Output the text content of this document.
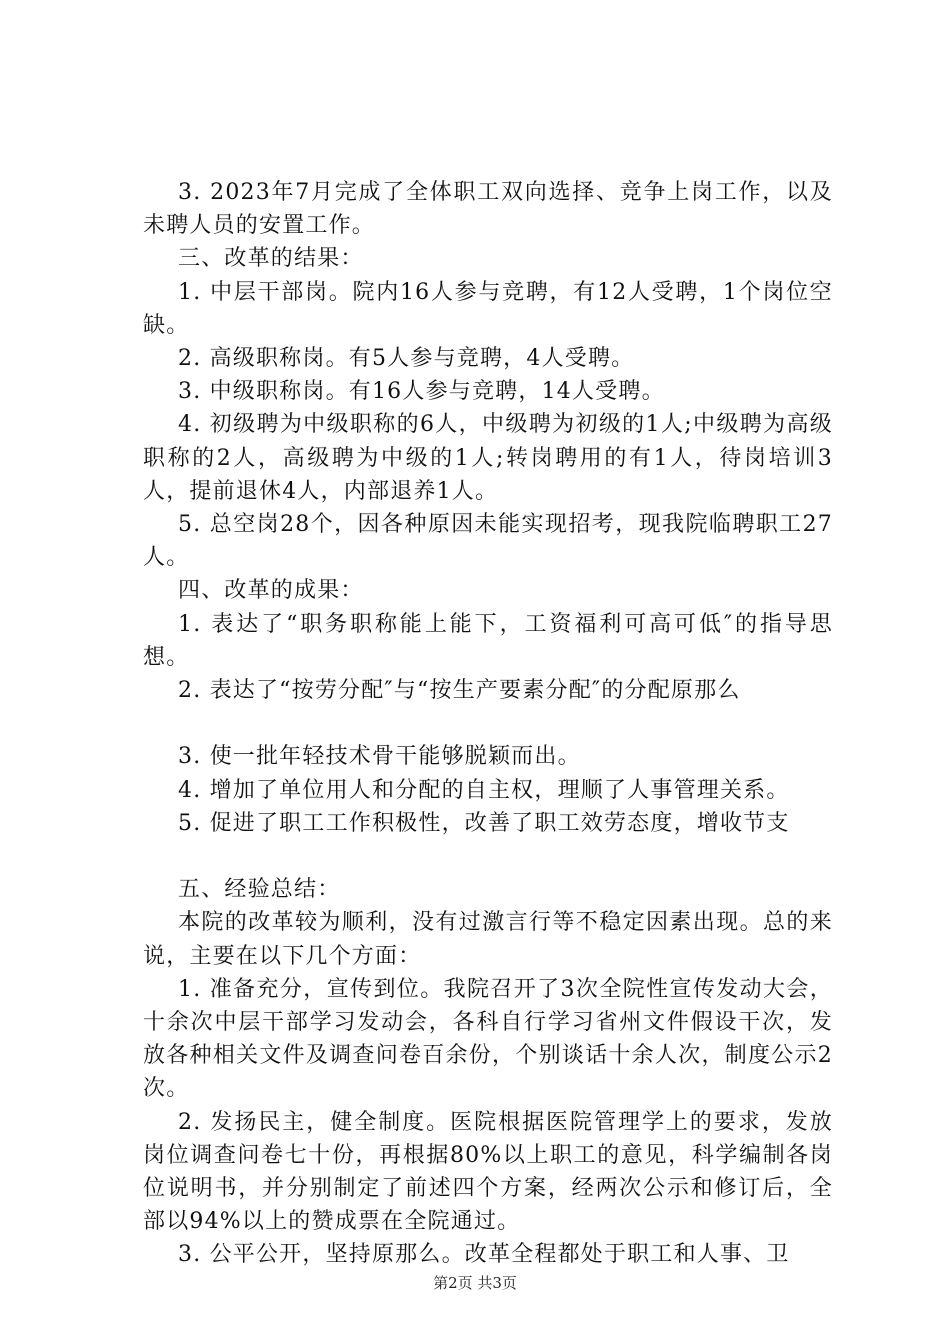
3. 2023年7月完成了全体职工双向选择、竞争上岗工作，以及未聘人员的安置工作。

三、改革的结果：

1. 中层干部岗。院内16人参与竞聘，有12人受聘，1个岗位空缺。

2. 高级职称岗。有5人参与竞聘，4人受聘。

3. 中级职称岗。有16人参与竞聘，14人受聘。

4. 初级聘为中级职称的6人，中级聘为初级的1人;中级聘为高级职称的2人，高级聘为中级的1人;转岗聘用的有1人，待岗培训3人，提前退休4人，内部退养1人。

5. 总空岗28个，因各种原因未能实现招考，现我院临聘职工27人。

四、改革的成果：

1. 表达了“职务职称能上能下，工资福利可高可低″的指导思想。

2. 表达了“按劳分配″与“按生产要素分配″的分配原那么

3. 使一批年轻技术骨干能够脱颖而出。

4. 增加了单位用人和分配的自主权，理顺了人事管理关系。

5. 促进了职工工作积极性，改善了职工效劳态度，增收节支

五、经验总结：

本院的改革较为顺利，没有过激言行等不稳定因素出现。总的来说，主要在以下几个方面：

1. 准备充分，宣传到位。我院召开了3次全院性宣传发动大会，十余次中层干部学习发动会，各科自行学习省州文件假设干次，发放各种相关文件及调查问卷百余份，个别谈话十余人次，制度公示2次。

2. 发扬民主，健全制度。医院根据医院管理学上的要求，发放岗位调查问卷七十份，再根据80%以上职工的意见，科学编制各岗位说明书，并分别制定了前述四个方案，经两次公示和修订后，全部以94%以上的赞成票在全院通过。

3. 公平公开，坚持原那么。改革全程都处于职工和人事、卫

第2页 共3页
